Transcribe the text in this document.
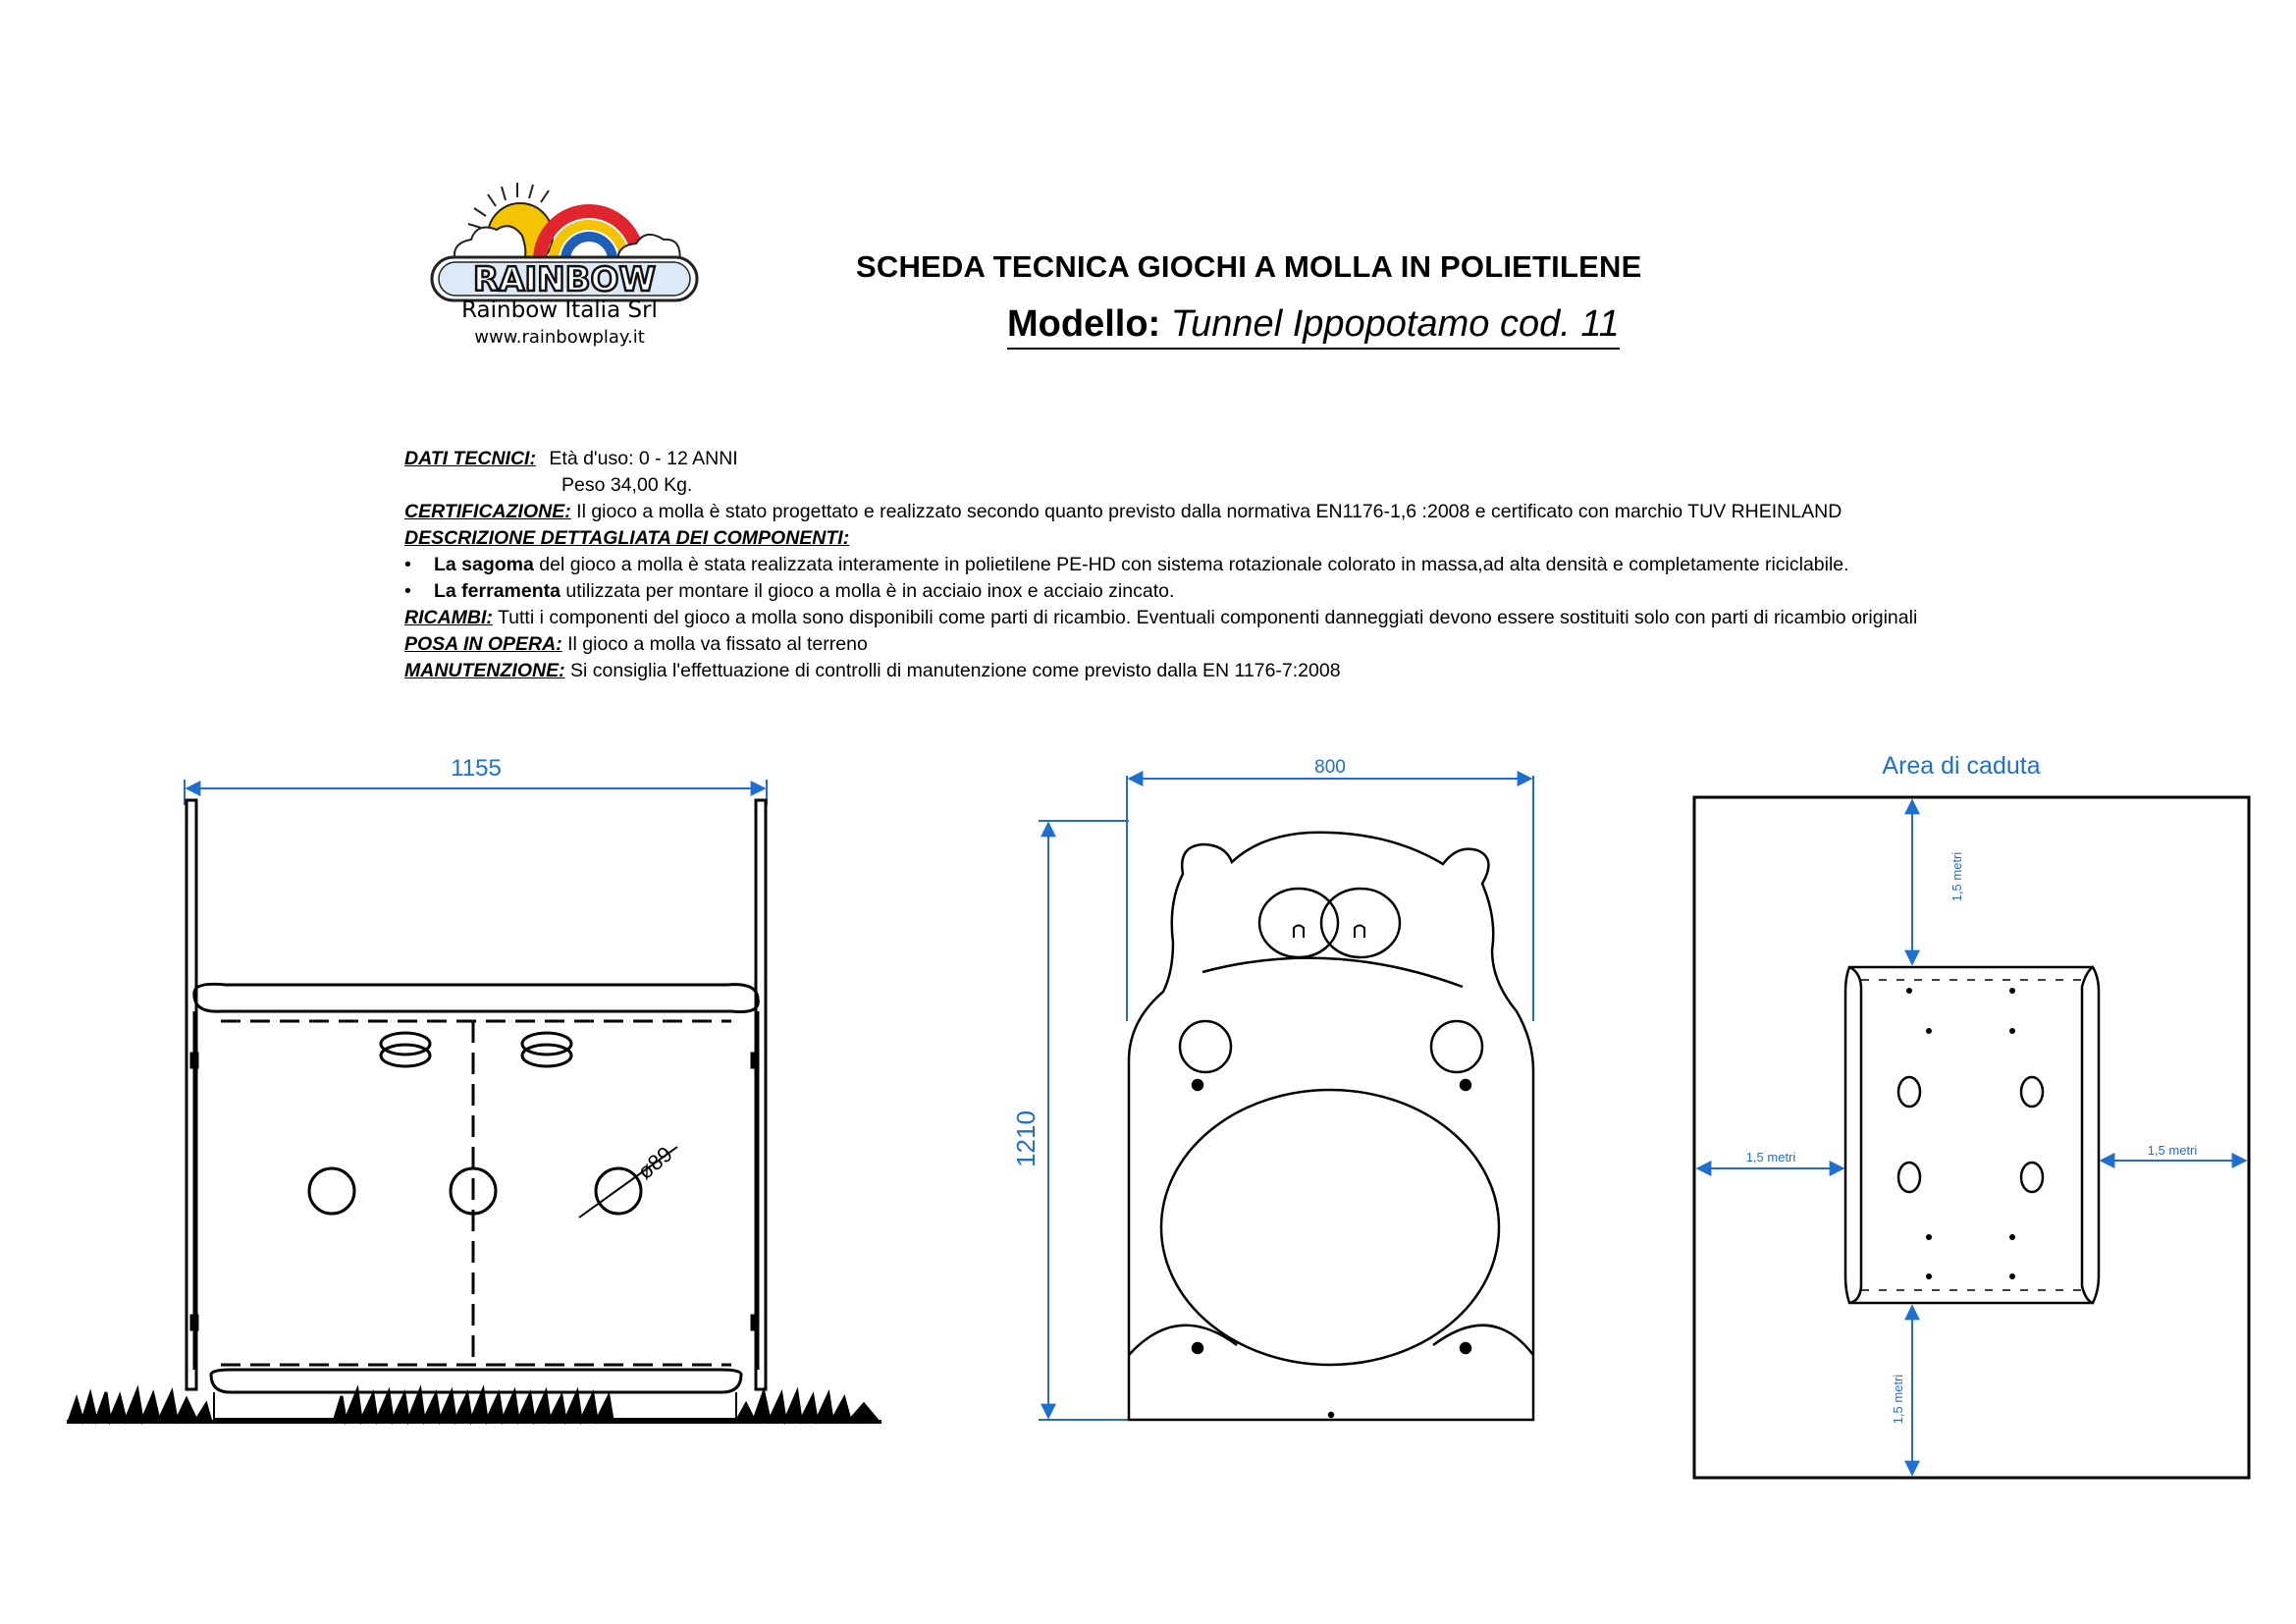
RAINBOW
Rainbow Italia Srl
www.rainbowplay.it
SCHEDA TECNICA GIOCHI A MOLLA IN POLIETILENE
Modello: Tunnel Ippopotamo cod. 11
DATI TECNICI: Età d'uso: 0 - 12 ANNI
Peso 34,00 Kg.
CERTIFICAZIONE: Il gioco a molla è stato progettato e realizzato secondo quanto previsto dalla normativa EN1176-1,6 :2008 e certificato con marchio TUV RHEINLAND
DESCRIZIONE DETTAGLIATA DEI COMPONENTI:
• La sagoma del gioco a molla è stata realizzata interamente in polietilene PE-HD con sistema rotazionale colorato in massa,ad alta densità e completamente riciclabile.
• La ferramenta utilizzata per montare il gioco a molla è in acciaio inox e acciaio zincato.
RICAMBI: Tutti i componenti del gioco a molla sono disponibili come parti di ricambio. Eventuali componenti danneggiati devono essere sostituiti solo con parti di ricambio originali
POSA IN OPERA: Il gioco a molla va fissato al terreno
MANUTENZIONE: Si consiglia l'effettuazione di controlli di manutenzione come previsto dalla EN 1176-7:2008
1155
ø89
800
1210
Area di caduta
1,5 metri
1,5 metri	1,5 metri
1,5 metri
